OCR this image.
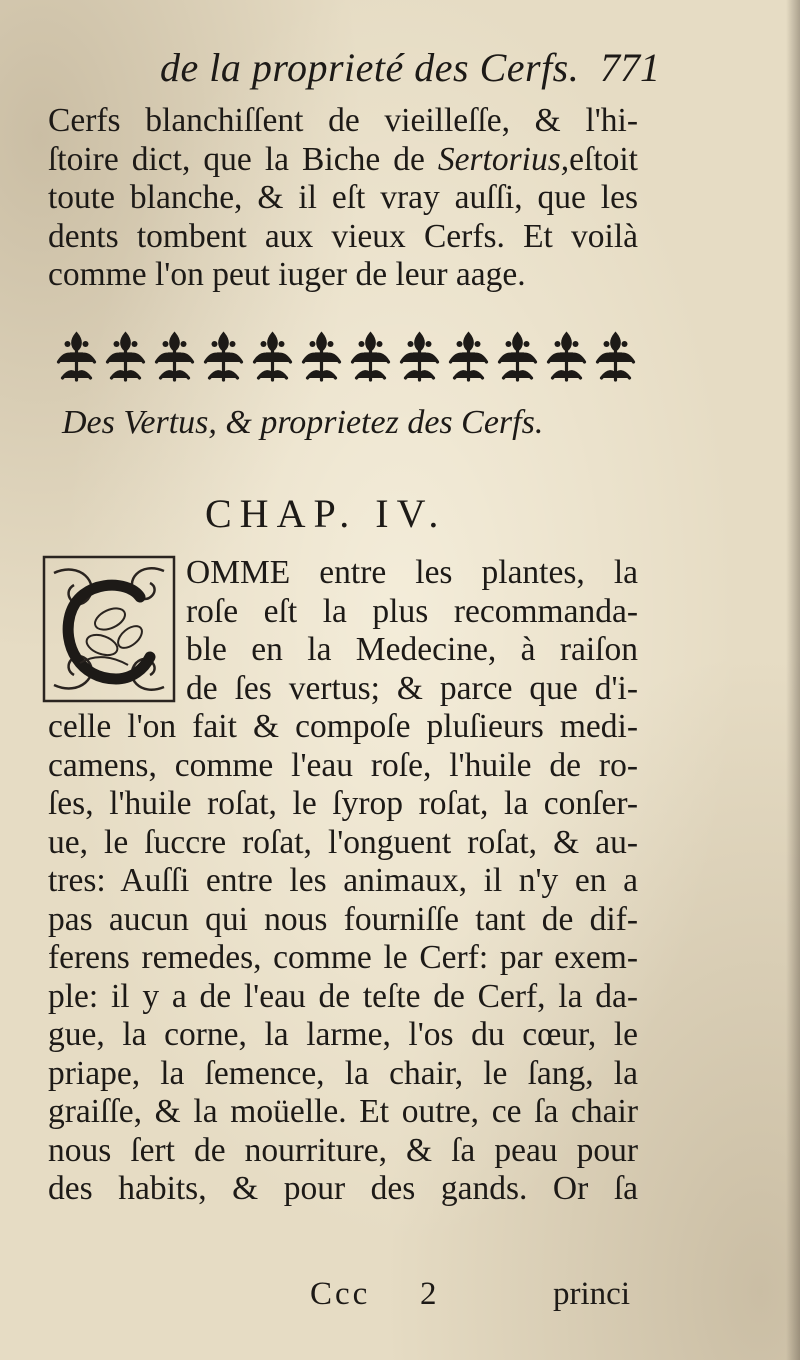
de la proprieté des Cerfs. 771
Cerfs blanchiſſent de vieilleſſe, & l'hi-
ſtoire dict, que la Biche de Sertorius,eſtoit
toute blanche, & il eſt vray auſſi, que les
dents tombent aux vieux Cerfs. Et voilà
comme l'on peut iuger de leur aage.
Des Vertus, & proprietez des Cerfs.
CHAP. IV.
OMME entre les plantes, la
roſe eſt la plus recommanda-
ble en la Medecine, à raiſon
de ſes vertus; & parce que d'i-
celle l'on fait & compoſe pluſieurs medi-
camens, comme l'eau roſe, l'huile de ro-
ſes, l'huile roſat, le ſyrop roſat, la conſer-
ue, le ſuccre roſat, l'onguent roſat, & au-
tres: Auſſi entre les animaux, il n'y en a
pas aucun qui nous fourniſſe tant de dif-
ferens remedes, comme le Cerf: par exem-
ple: il y a de l'eau de teſte de Cerf, la da-
gue, la corne, la larme, l'os du cœur, le
priape, la ſemence, la chair, le ſang, la
graiſſe, & la moüelle. Et outre, ce ſa chair
nous ſert de nourriture, & ſa peau pour
des habits, & pour des gands. Or ſa
Ccc 2	princi
